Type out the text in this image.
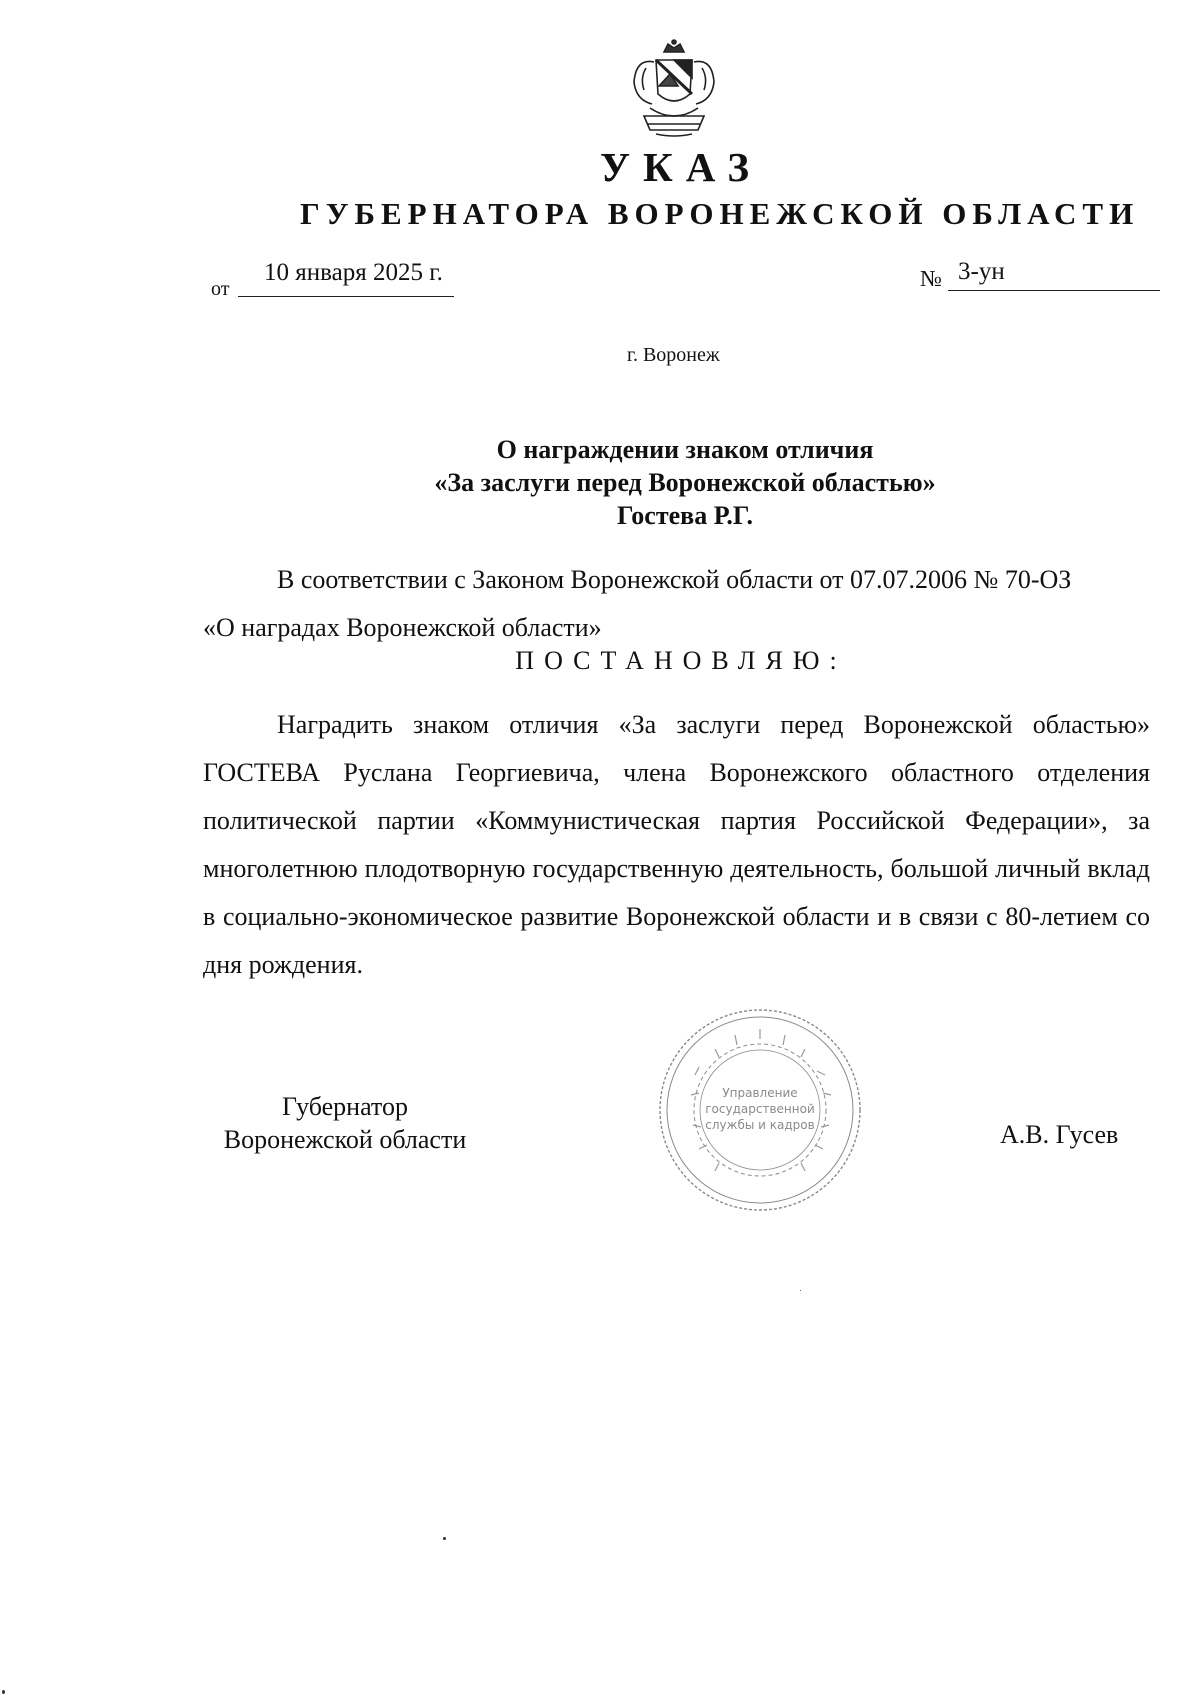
УКАЗ
ГУБЕРНАТОРА ВОРОНЕЖСКОЙ ОБЛАСТИ
от
10 января 2025 г.	№ 3-ун
г. Воронеж
О награждении знаком отличия
«За заслуги перед Воронежской областью»
Гостева Р.Г.
В соответствии с Законом Воронежской области от 07.07.2006 № 70-ОЗ
«О наградах Воронежской области»
ПОСТАНОВЛЯЮ:
Наградить знаком отличия «За заслуги перед Воронежской областью» ГОСТЕВА Руслана Георгиевича, члена Воронежского областного отделения политической партии «Коммунистическая партия Российской Федерации», за многолетнюю плодотворную государственную деятельность, большой личный вклад в социально-экономическое развитие Воронежской области и в связи с 80-летием со дня рождения.
Губернатор
Воронежской области
Управление
государственной
службы и кадров	А.В. Гусев
